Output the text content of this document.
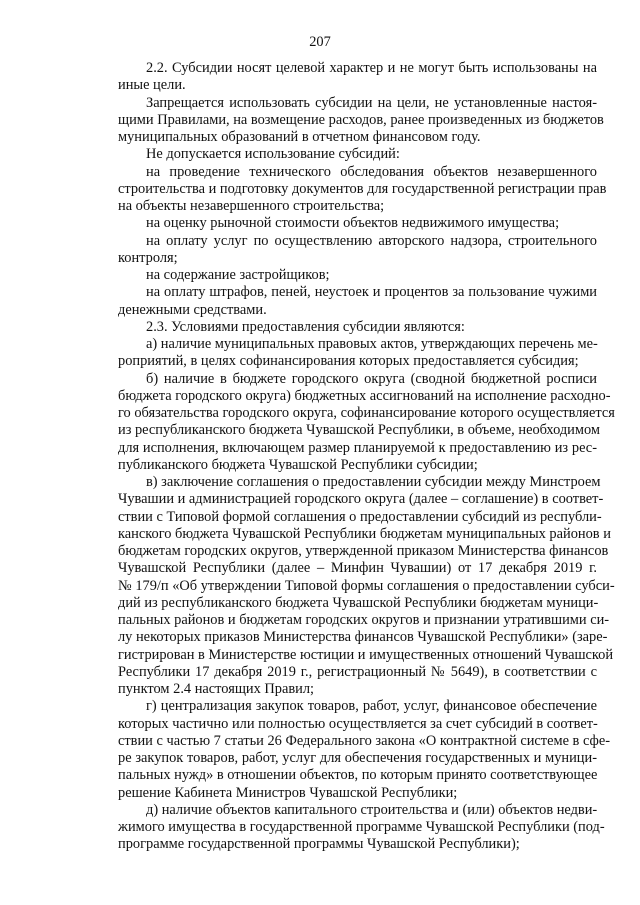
207
2.2. Субсидии носят целевой характер и не могут быть использованы на
иные цели.
Запрещается использовать субсидии на цели, не установленные настоя-
щими Правилами, на возмещение расходов, ранее произведенных из бюджетов
муниципальных образований в отчетном финансовом году.
Не допускается использование субсидий:
на проведение технического обследования объектов незавершенного
строительства и подготовку документов для государственной регистрации прав
на объекты незавершенного строительства;
на оценку рыночной стоимости объектов недвижимого имущества;
на оплату услуг по осуществлению авторского надзора, строительного
контроля;
на содержание застройщиков;
на оплату штрафов, пеней, неустоек и процентов за пользование чужими
денежными средствами.
2.3. Условиями предоставления субсидии являются:
а) наличие муниципальных правовых актов, утверждающих перечень ме-
роприятий, в целях софинансирования которых предоставляется субсидия;
б) наличие в бюджете городского округа (сводной бюджетной росписи
бюджета городского округа) бюджетных ассигнований на исполнение расходно-
го обязательства городского округа, софинансирование которого осуществляется
из республиканского бюджета Чувашской Республики, в объеме, необходимом
для исполнения, включающем размер планируемой к предоставлению из рес-
публиканского бюджета Чувашской Республики субсидии;
в) заключение соглашения о предоставлении субсидии между Минстроем
Чувашии и администрацией городского округа (далее – соглашение) в соответ-
ствии с Типовой формой соглашения о предоставлении субсидий из республи-
канского бюджета Чувашской Республики бюджетам муниципальных районов и
бюджетам городских округов, утвержденной приказом Министерства финансов
Чувашской Республики (далее – Минфин Чувашии) от 17 декабря 2019 г.
№ 179/п «Об утверждении Типовой формы соглашения о предоставлении субси-
дий из республиканского бюджета Чувашской Республики бюджетам муници-
пальных районов и бюджетам городских округов и признании утратившими си-
лу некоторых приказов Министерства финансов Чувашской Республики» (заре-
гистрирован в Министерстве юстиции и имущественных отношений Чувашской
Республики 17 декабря 2019 г., регистрационный № 5649), в соответствии с
пунктом 2.4 настоящих Правил;
г) централизация закупок товаров, работ, услуг, финансовое обеспечение
которых частично или полностью осуществляется за счет субсидий в соответ-
ствии с частью 7 статьи 26 Федерального закона «О контрактной системе в сфе-
ре закупок товаров, работ, услуг для обеспечения государственных и муници-
пальных нужд» в отношении объектов, по которым принято соответствующее
решение Кабинета Министров Чувашской Республики;
д) наличие объектов капитального строительства и (или) объектов недви-
жимого имущества в государственной программе Чувашской Республики (под-
программе государственной программы Чувашской Республики);
